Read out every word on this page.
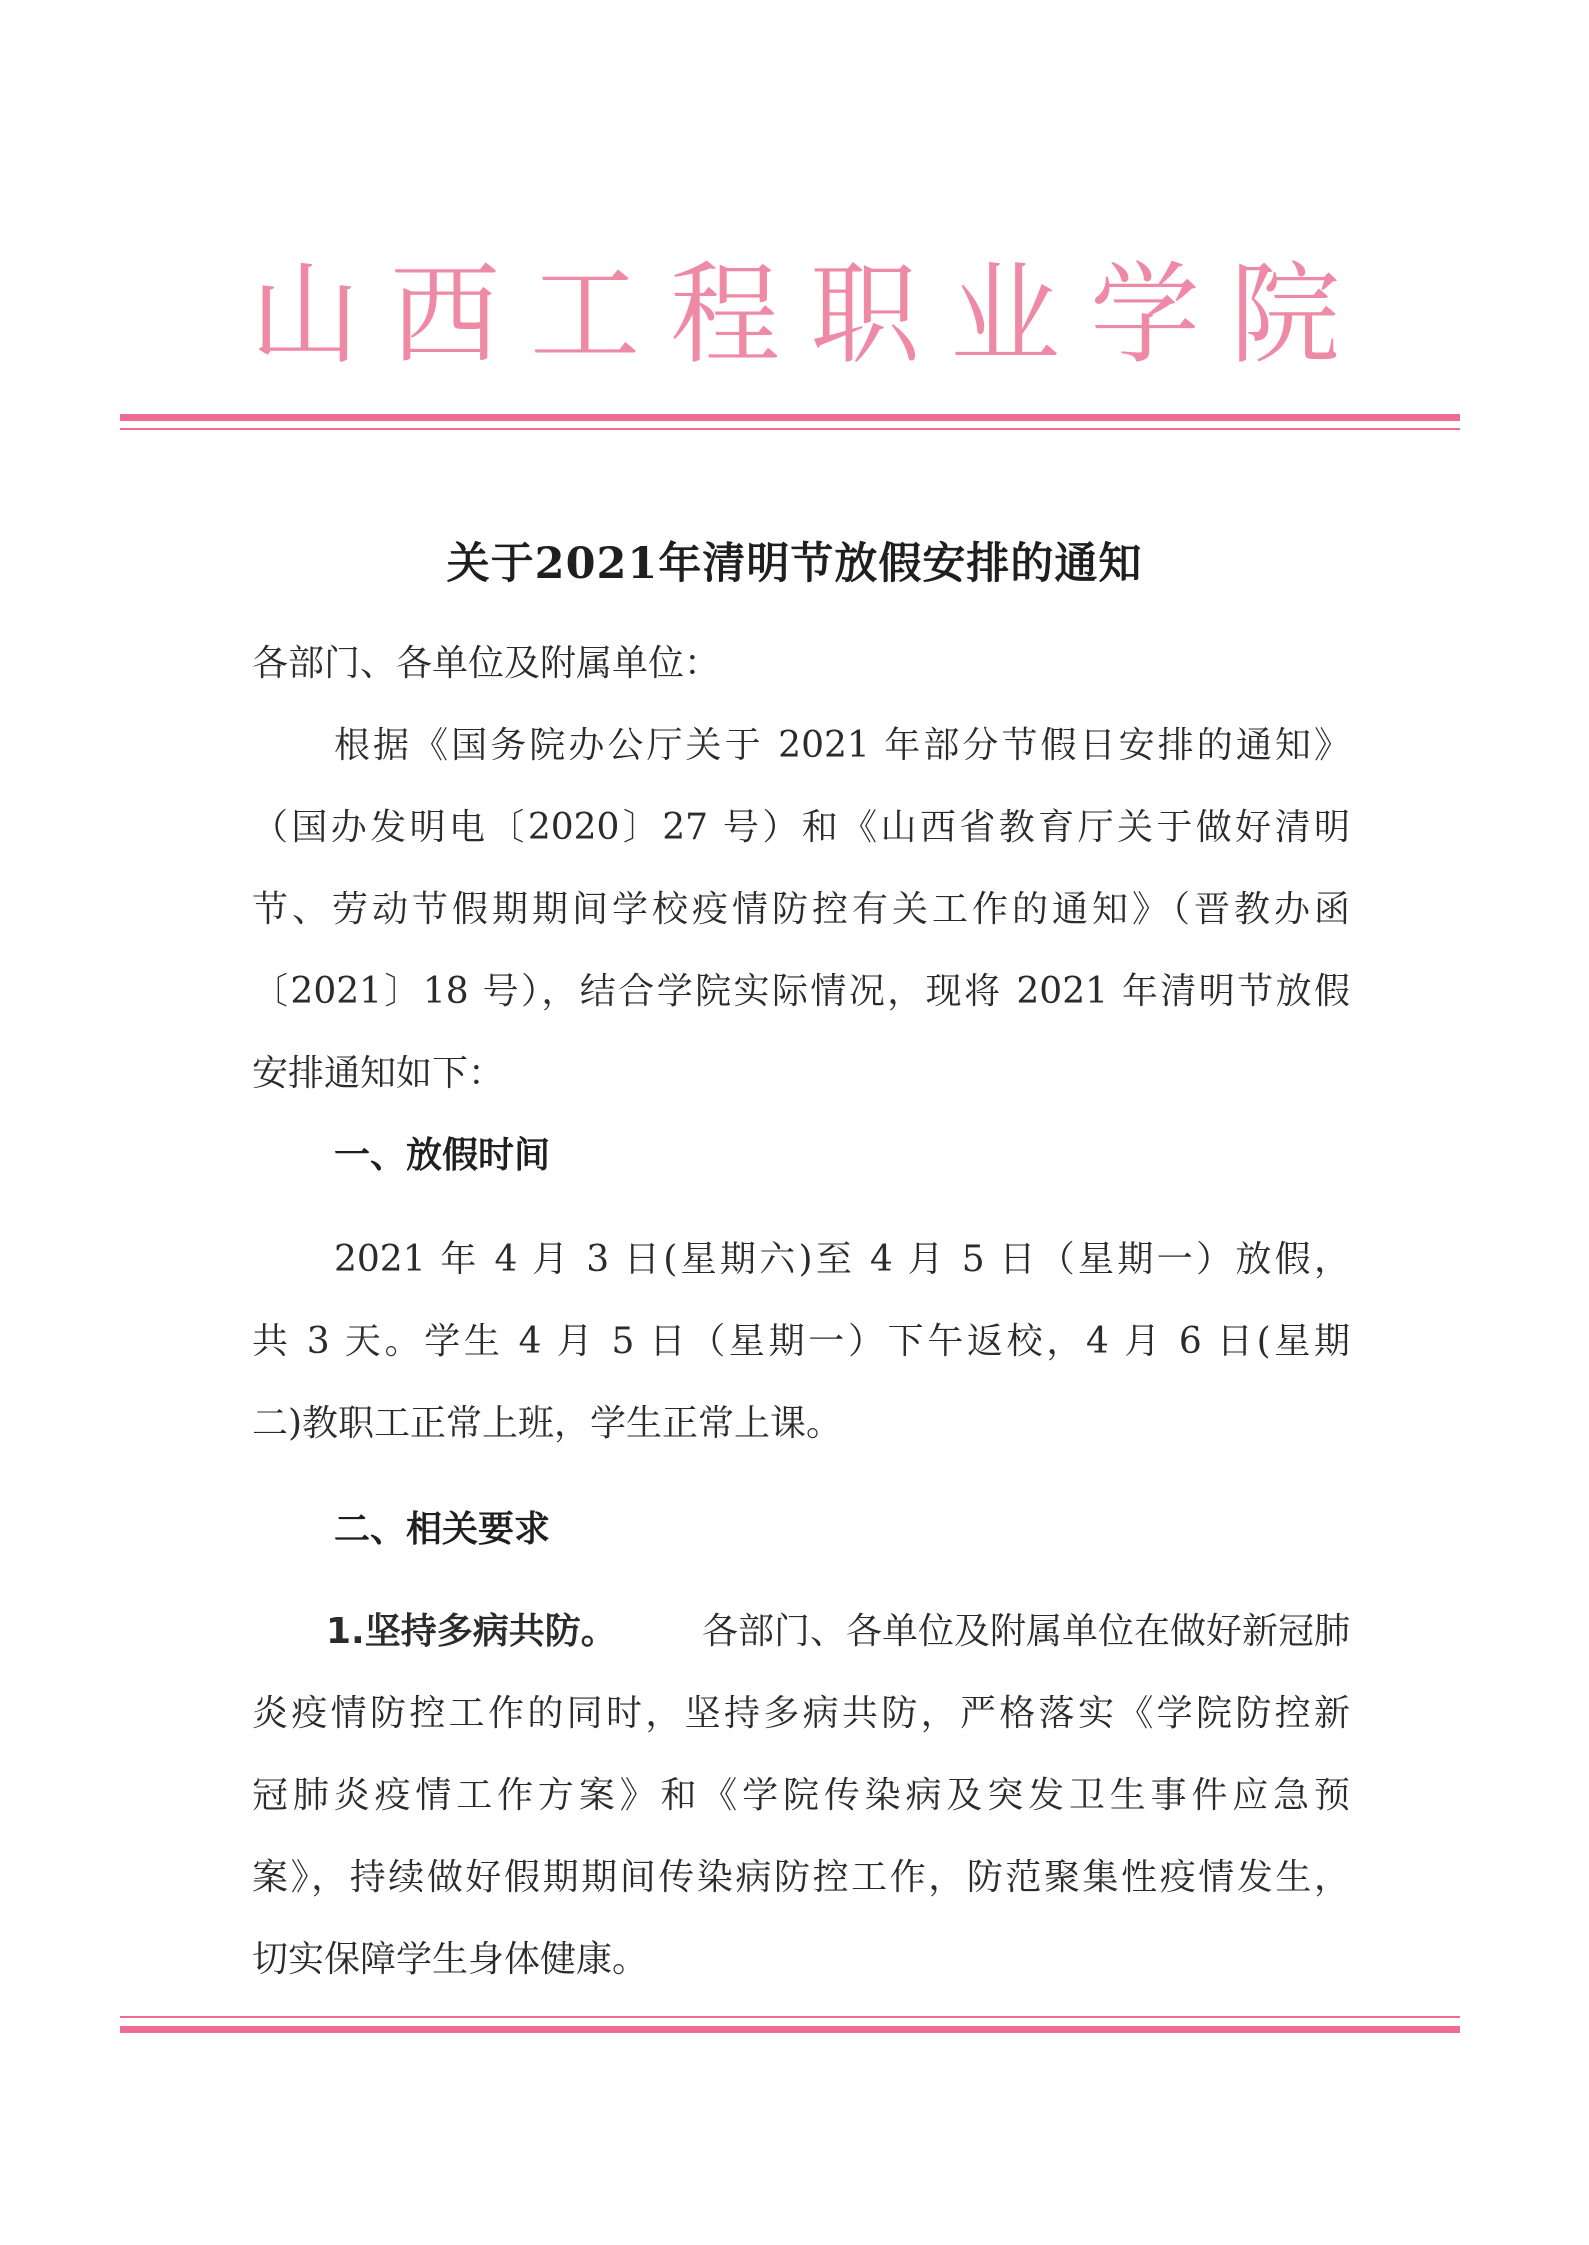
山 西 工 程 职 业 学 院
关于2021年清明节放假安排的通知
各部门、各单位及附属单位：
根据《国务院办公厅关于 2021 年部分节假日安排的通知》
（国办发明电〔2020〕27 号）和《山西省教育厅关于做好清明
节、劳动节假期期间学校疫情防控有关工作的通知》（晋教办函
〔2021〕18 号），结合学院实际情况，现将 2021 年清明节放假
安排通知如下：
一、放假时间
2021 年 4 月 3 日(星期六)至 4 月 5 日（星期一）放假，
共 3 天。学生 4 月 5 日（星期一）下午返校，4 月 6 日(星期
二)教职工正常上班，学生正常上课。
二、相关要求
1.坚持多病共防。 各部门、各单位及附属单位在做好新冠肺
炎疫情防控工作的同时，坚持多病共防，严格落实《学院防控新
冠肺炎疫情工作方案》和《学院传染病及突发卫生事件应急预
案》，持续做好假期期间传染病防控工作，防范聚集性疫情发生，
切实保障学生身体健康。
